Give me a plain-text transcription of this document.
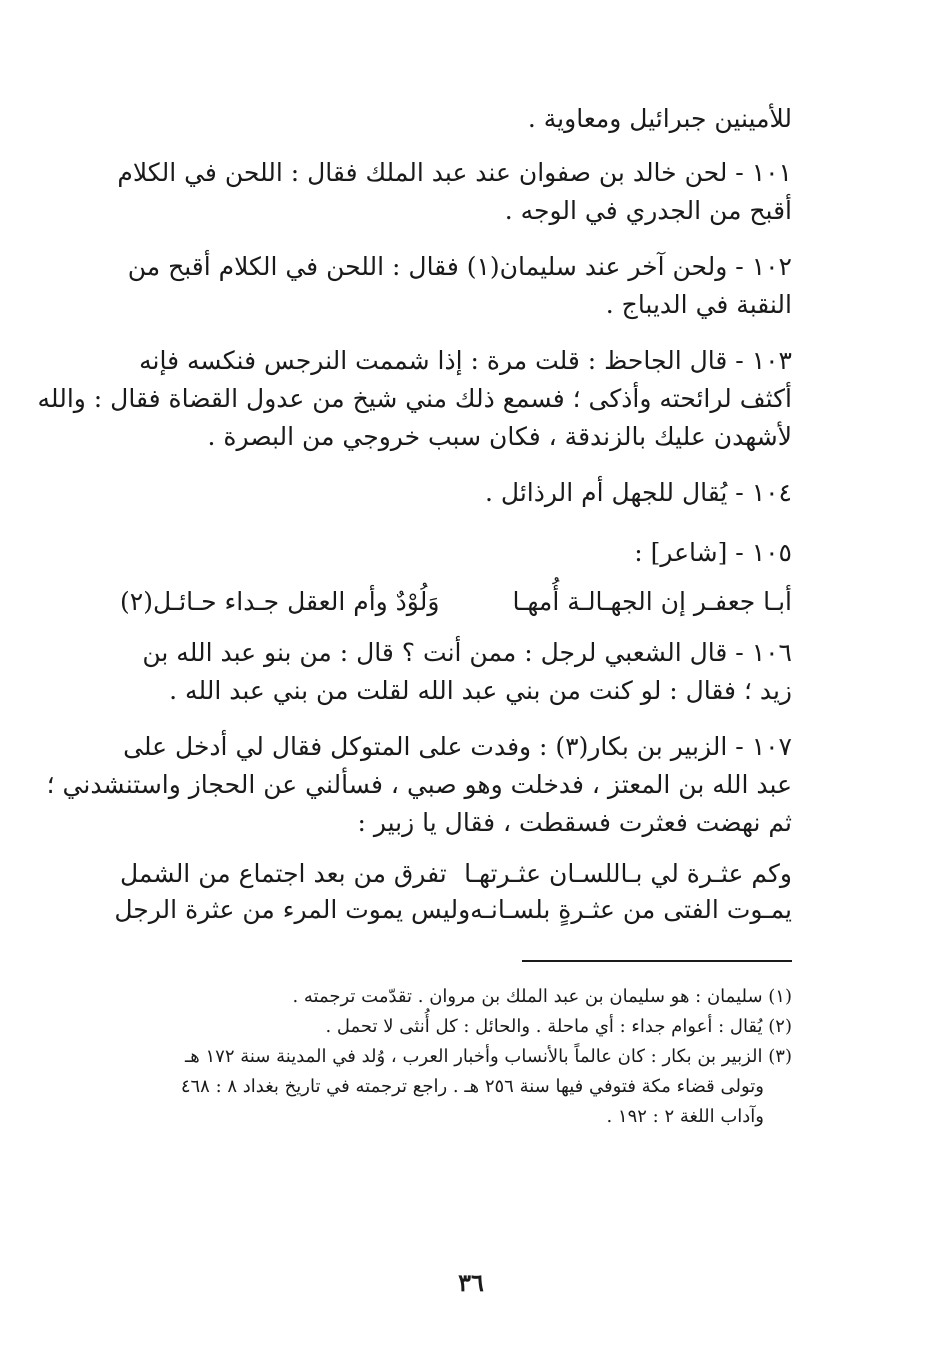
للأمينين جبرائيل ومعاوية .
١٠١ - لحن خالد بن صفوان عند عبد الملك فقال : اللحن في الكلام
أقبح من الجدري في الوجه .
١٠٢ - ولحن آخر عند سليمان(١) فقال : اللحن في الكلام أقبح من
النقبة في الديباج .
١٠٣ - قال الجاحظ : قلت مرة : إذا شممت النرجس فنكسه فإنه
أكثف لرائحته وأذكى ؛ فسمع ذلك مني شيخ من عدول القضاة فقال : والله
لأشهدن عليك بالزندقة ، فكان سبب خروجي من البصرة .
١٠٤ - يُقال للجهل أم الرذائل .
١٠٥ - [شاعر] :
أبـا جعفـر إن الجهـالـة أُمهـا
وَلُوْدٌ وأم العقل جـداء حـائـل(٢)
١٠٦ - قال الشعبي لرجل : ممن أنت ؟ قال : من بنو عبد الله بن
زيد ؛ فقال : لو كنت من بني عبد الله لقلت من بني عبد الله .
١٠٧ - الزبير بن بكار(٣) : وفدت على المتوكل فقال لي أدخل على
عبد الله بن المعتز ، فدخلت وهو صبي ، فسألني عن الحجاز واستنشدني ؛
ثم نهضت فعثرت فسقطت ، فقال يا زبير :
وكم عثـرة لي بـاللسـان عثـرتهـا
تفرق من بعد اجتماع من الشمل
يمـوت الفتى من عثـرةٍ بلسـانـه
وليس يموت المرء من عثرة الرجل
(١) سليمان : هو سليمان بن عبد الملك بن مروان . تقدّمت ترجمته .
(٢) يُقال : أعوام جداء : أي ماحلة . والحائل : كل أُنثى لا تحمل .
(٣) الزبير بن بكار : كان عالماً بالأنساب وأخبار العرب ، وُلد في المدينة سنة ١٧٢ هـ
وتولى قضاء مكة فتوفي فيها سنة ٢٥٦ هـ . راجع ترجمته في تاريخ بغداد ٨ : ٤٦٨
وآداب اللغة ٢ : ١٩٢ .
٣٦
